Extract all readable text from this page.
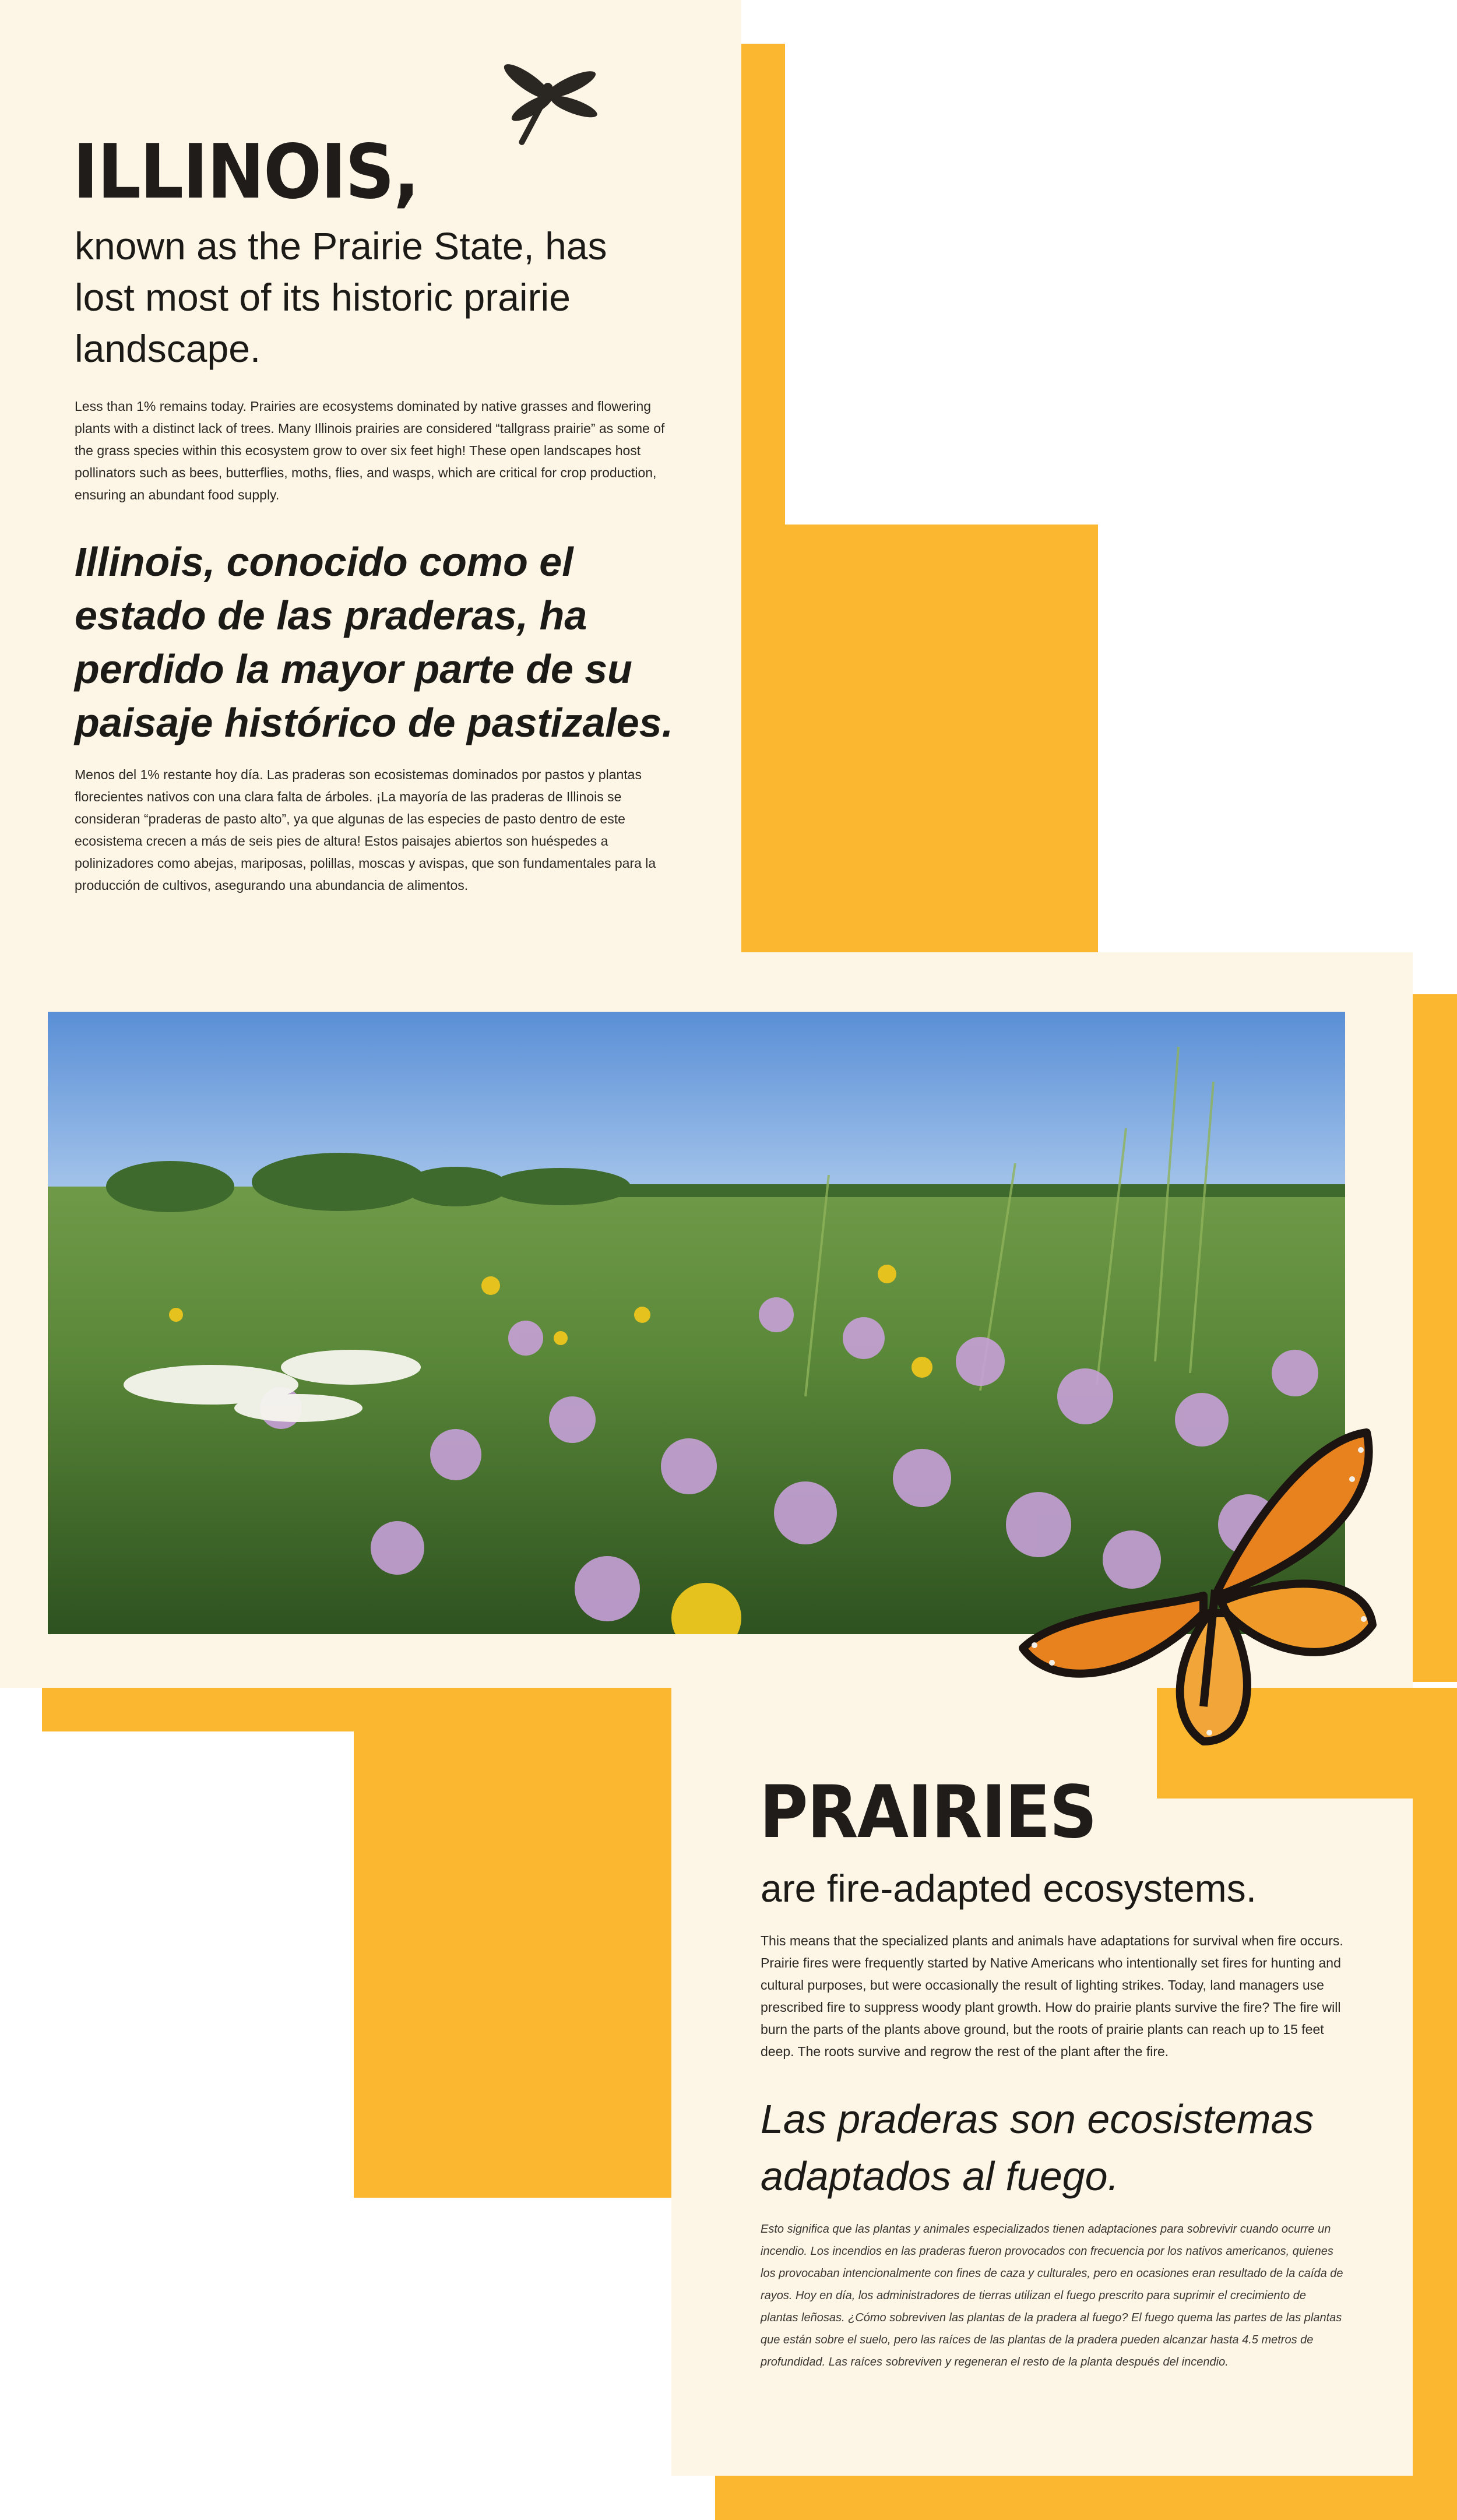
ILLINOIS,
known as the Prairie State, has lost most of its historic prairie landscape.
Less than 1% remains today. Prairies are ecosystems dominated by native grasses and flowering plants with a distinct lack of trees. Many Illinois prairies are considered “tallgrass prairie” as some of the grass species within this ecosystem grow to over six feet high! These open landscapes host pollinators such as bees, butterflies, moths, flies, and wasps, which are critical for crop production, ensuring an abundant food supply.
Illinois, conocido como el estado de las praderas, ha perdido la mayor parte de su paisaje histórico de pastizales.
Menos del 1% restante hoy día. Las praderas son ecosistemas dominados por pastos y plantas florecientes nativos con una clara falta de árboles. ¡La mayoría de las praderas de Illinois se consideran “praderas de pasto alto”, ya que algunas de las especies de pasto dentro de este ecosistema crecen a más de seis pies de altura! Estos paisajes abiertos son huéspedes a polinizadores como abejas, mariposas, polillas, moscas y avispas, que son fundamentales para la producción de cultivos, asegurando una abundancia de alimentos.
PRAIRIES
are fire-adapted ecosystems.
This means that the specialized plants and animals have adaptations for survival when fire occurs. Prairie fires were frequently started by Native Americans who intentionally set fires for hunting and cultural purposes, but were occasionally the result of lighting strikes. Today, land managers use prescribed fire to suppress woody plant growth. How do prairie plants survive the fire? The fire will burn the parts of the plants above ground, but the roots of prairie plants can reach up to 15 feet deep. The roots survive and regrow the rest of the plant after the fire.
Las praderas son ecosistemas adaptados al fuego.
Esto significa que las plantas y animales especializados tienen adaptaciones para sobrevivir cuando ocurre un incendio. Los incendios en las praderas fueron provocados con frecuencia por los nativos americanos, quienes los provocaban intencionalmente con fines de caza y culturales, pero en ocasiones eran resultado de la caída de rayos. Hoy en día, los administradores de tierras utilizan el fuego prescrito para suprimir el crecimiento de plantas leñosas. ¿Cómo sobreviven las plantas de la pradera al fuego? El fuego quema las partes de las plantas que están sobre el suelo, pero las raíces de las plantas de la pradera pueden alcanzar hasta 4.5 metros de profundidad. Las raíces sobreviven y regeneran el resto de la planta después del incendio.
